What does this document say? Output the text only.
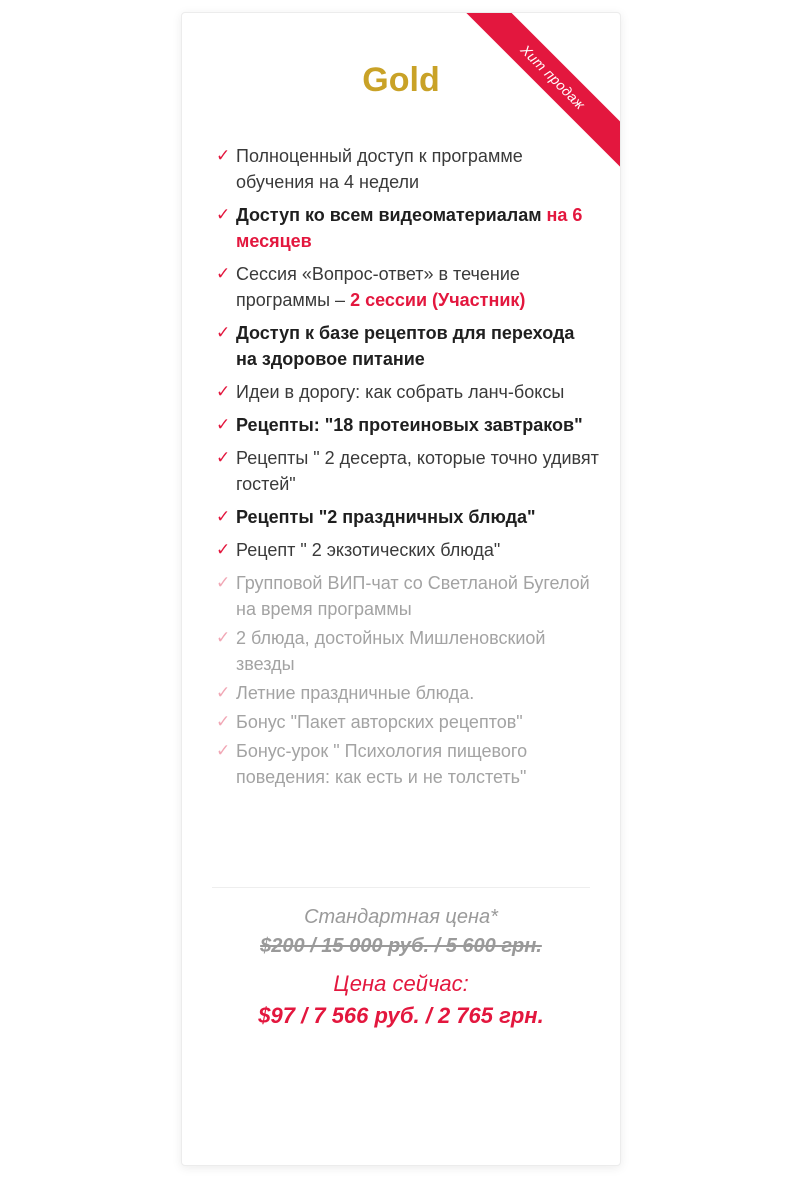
Хит продаж
Gold
✓ Полноценный доступ к программе обучения на 4 недели
✓ Доступ ко всем видеоматериалам на 6 месяцев
✓ Сессия «Вопрос-ответ» в течение программы – 2 сессии (Участник)
✓ Доступ к базе рецептов для перехода на здоровое питание
✓ Идеи в дорогу: как собрать ланч-боксы
✓ Рецепты: "18 протеиновых завтраков"
✓ Рецепты " 2 десерта, которые точно удивят гостей"
✓ Рецепты "2 праздничных блюда"
✓ Рецепт " 2 экзотических блюда"
✓ Групповой ВИП-чат со Светланой Бугелой на время программы
✓ 2 блюда, достойных Мишленовскиой звезды
✓ Летние праздничные блюда.
✓ Бонус "Пакет авторских рецептов"
✓ Бонус-урок " Психология пищевого поведения: как есть и не толстеть"
Стандартная цена*
$200 / 15 000 руб. / 5 600 грн.
Цена сейчас:
$97 / 7 566 руб. / 2 765 грн.
